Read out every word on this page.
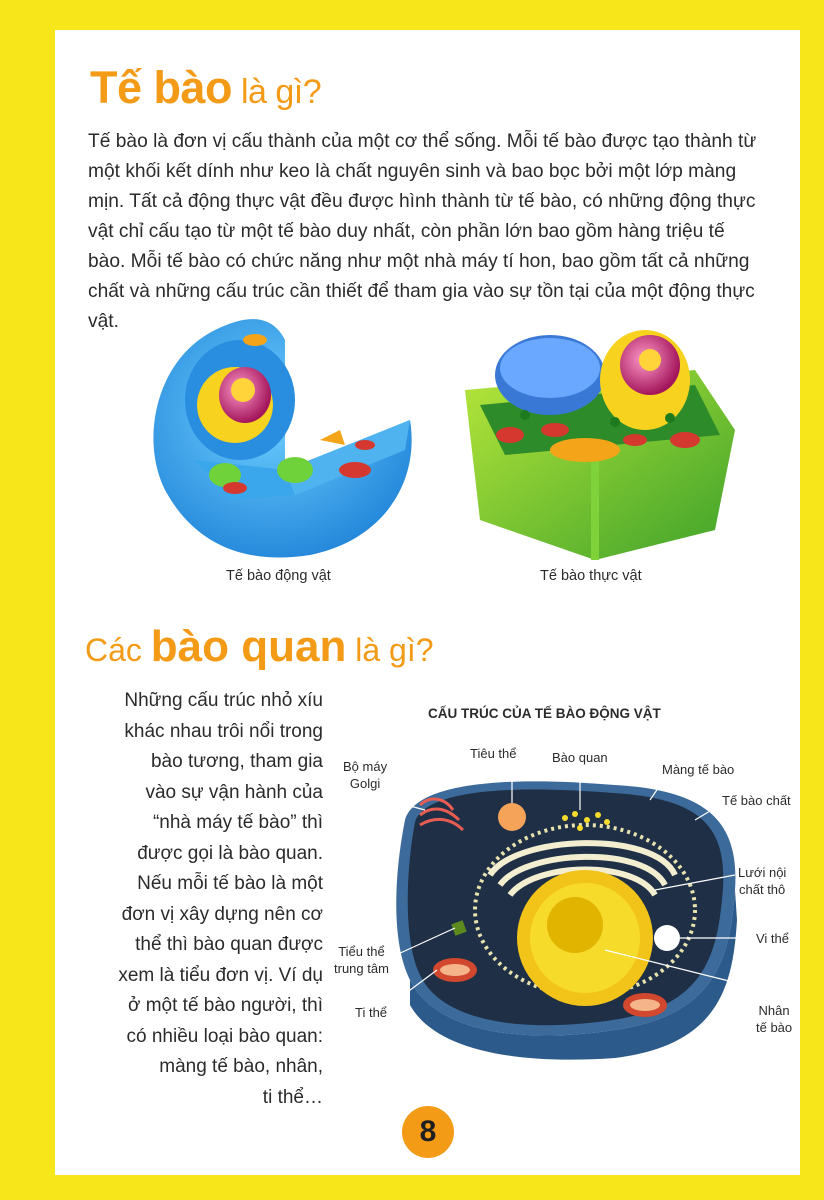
Tế bào là gì?

Tế bào là đơn vị cấu thành của một cơ thể sống. Mỗi tế bào được tạo thành từ một khối kết dính như keo là chất nguyên sinh và bao bọc bởi một lớp màng mịn. Tất cả động thực vật đều được hình thành từ tế bào, có những động thực vật chỉ cấu tạo từ một tế bào duy nhất, còn phần lớn bao gồm hàng triệu tế bào. Mỗi tế bào có chức năng như một nhà máy tí hon, bao gồm tất cả những chất và những cấu trúc cần thiết để tham gia vào sự tồn tại của một động thực vật.

Tế bào động vật	Tế bào thực vật
Các bào quan là gì?
Những cấu trúc nhỏ xíu
khác nhau trôi nổi trong
bào tương, tham gia
vào sự vận hành của
“nhà máy tế bào” thì
được gọi là bào quan.
Nếu mỗi tế bào là một
đơn vị xây dựng nên cơ
thể thì bào quan được
xem là tiểu đơn vị. Ví dụ
ở một tế bào người, thì
có nhiều loại bào quan:
màng tế bào, nhân,
ti thể…
CẤU TRÚC CỦA TẾ BÀO ĐỘNG VẬT
Bộ máy
Golgi
Tiêu thể	Bào quan
Màng tế bào
Tế bào chất
Lưới nội
chất thô
Vi thể
Tiểu thể
trung tâm
Ti thể	Nhân
tế bào
8
